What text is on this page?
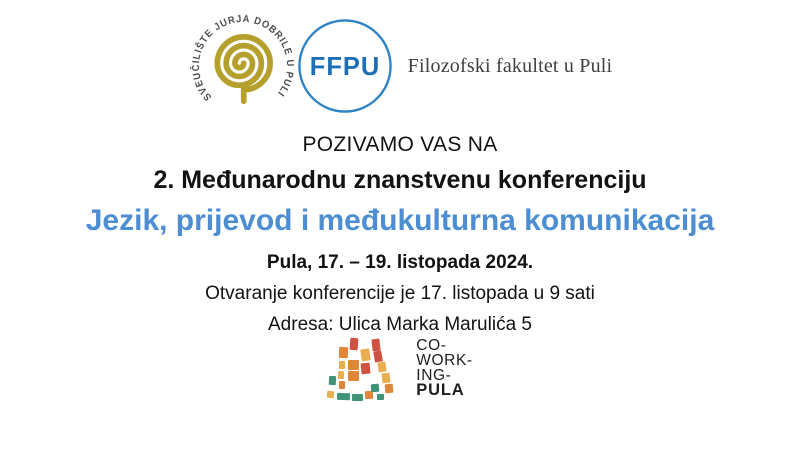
SVEUČILIŠTE JURJA DOBRILE U PULI
FFPU Filozofski fakultet u Puli

POZIVAMO VAS NA

2. Međunarodnu znanstvenu konferenciju

Jezik, prijevod i međukulturna komunikacija

Pula, 17. – 19. listopada 2024.

Otvaranje konferencije je 17. listopada u 9 sati

Adresa: Ulica Marka Marulića 5

CO-
WORK-
ING-
PULA
